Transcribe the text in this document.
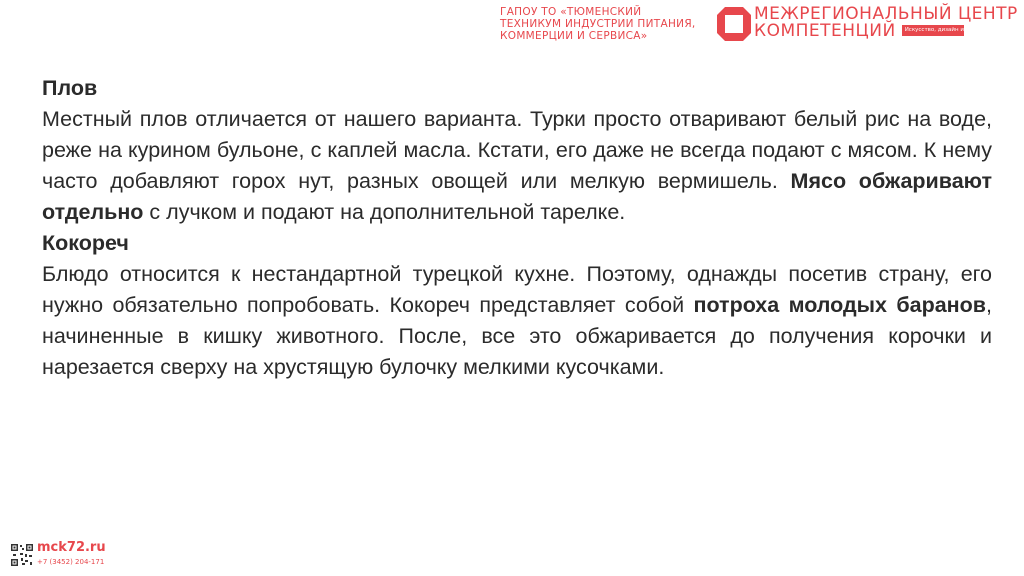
ГАПОУ ТО «ТЮМЕНСКИЙ
ТЕХНИКУМ ИНДУСТРИИ ПИТАНИЯ,
КОММЕРЦИИ И СЕРВИСА»
МЕЖРЕГИОНАЛЬНЫЙ ЦЕНТР
КОМПЕТЕНЦИЙ Искусство, дизайн и сфера услуг
Плов

Местный плов отличается от нашего варианта. Турки просто отваривают белый рис на воде, реже на курином бульоне, с каплей масла. Кстати, его даже не всегда подают с мясом. К нему часто добавляют горох нут, разных овощей или мелкую вермишель. Мясо обжаривают отдельно с лучком и подают на дополнительной тарелке.

Кокореч

Блюдо относится к нестандартной турецкой кухне. Поэтому, однажды посетив страну, его нужно обязательно попробовать. Кокореч представляет собой потроха молодых баранов, начиненные в кишку животного. После, все это обжаривается до получения корочки и нарезается сверху на хрустящую булочку мелкими кусочками.

mck72.ru
+7 (3452) 204-171
